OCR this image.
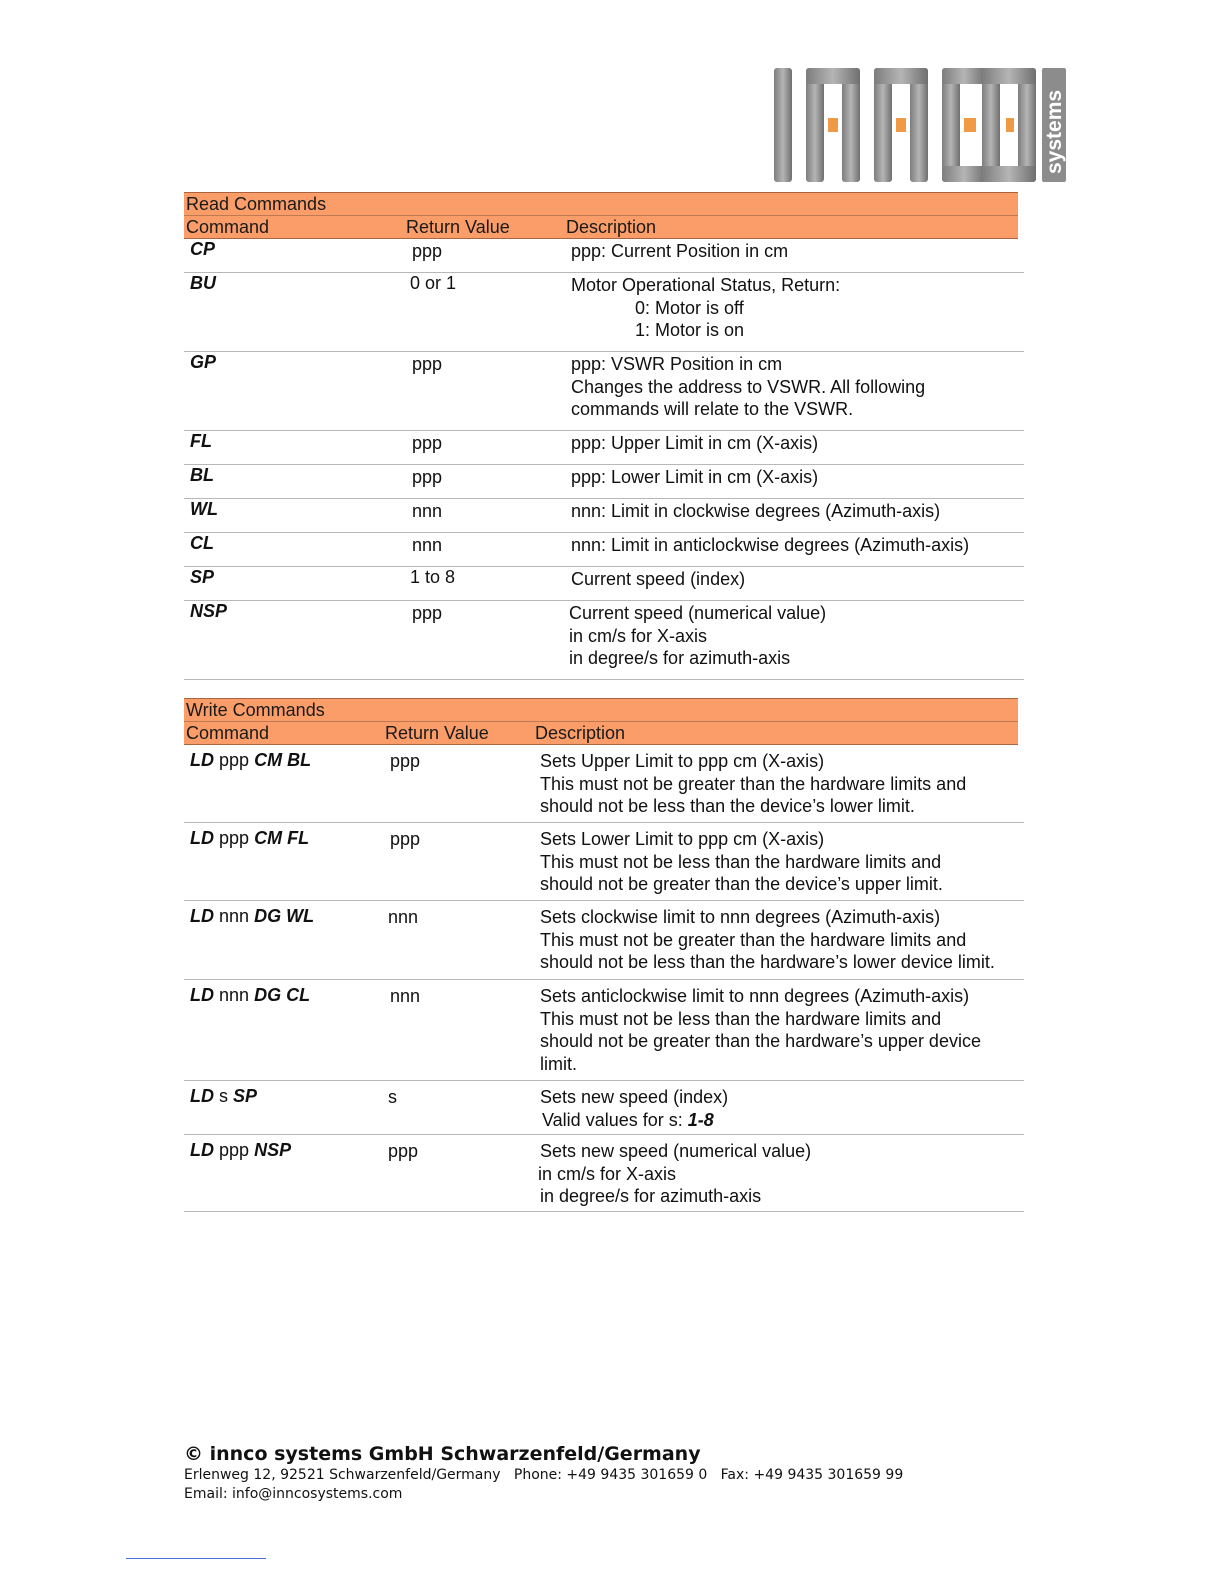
systems
Read Commands
Command	Return Value	Description
CP	ppp	ppp: Current Position in cm
BU	0 or 1	Motor Operational Status, Return:
0: Motor is off
1: Motor is on
GP	ppp	ppp: VSWR Position in cm
Changes the address to VSWR. All following
commands will relate to the VSWR.
FL	ppp	ppp: Upper Limit in cm (X-axis)
BL	ppp	ppp: Lower Limit in cm (X-axis)
WL	nnn	nnn: Limit in clockwise degrees (Azimuth-axis)
CL	nnn	nnn: Limit in anticlockwise degrees (Azimuth-axis)
SP	1 to 8	Current speed (index)
NSP	ppp	Current speed (numerical value)
in cm/s for X-axis
in degree/s for azimuth-axis
Write Commands
Command	Return Value	Description
LD ppp CM BL	ppp	Sets Upper Limit to ppp cm (X-axis)
This must not be greater than the hardware limits and
should not be less than the device’s lower limit.
LD ppp CM FL	ppp	Sets Lower Limit to ppp cm (X-axis)
This must not be less than the hardware limits and
should not be greater than the device’s upper limit.
LD nnn DG WL	nnn	Sets clockwise limit to nnn degrees (Azimuth-axis)
This must not be greater than the hardware limits and
should not be less than the hardware’s lower device limit.
LD nnn DG CL	nnn	Sets anticlockwise limit to nnn degrees (Azimuth-axis)
This must not be less than the hardware limits and
should not be greater than the hardware’s upper device
limit.
LD s SP	s	Sets new speed (index)
Valid values for s: 1-8
LD ppp NSP	ppp	Sets new speed (numerical value)
in cm/s for X-axis
in degree/s for azimuth-axis
© innco systems GmbH Schwarzenfeld/Germany
Erlenweg 12, 92521 Schwarzenfeld/Germany   Phone: +49 9435 301659 0   Fax: +49 9435 301659 99
Email: info@inncosystems.com
